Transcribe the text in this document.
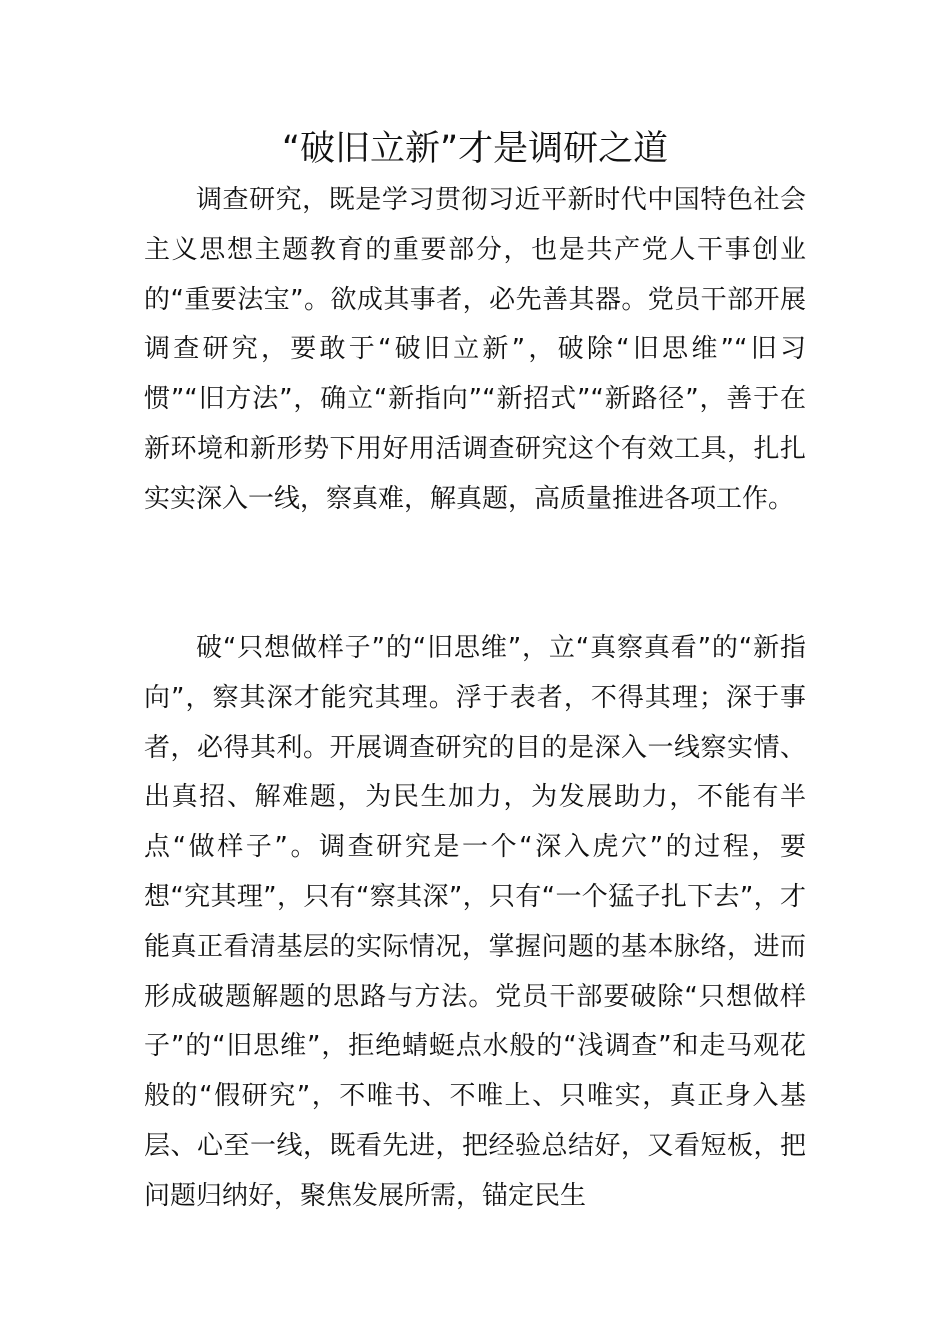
“破旧立新”才是调研之道

调查研究，既是学习贯彻习近平新时代中国特色社会主义思想主题教育的重要部分，也是共产党人干事创业的“重要法宝”。欲成其事者，必先善其器。党员干部开展调查研究，要敢于“破旧立新”，破除“旧思维”“旧习惯”“旧方法”，确立“新指向”“新招式”“新路径”，善于在新环境和新形势下用好用活调查研究这个有效工具，扎扎实实深入一线，察真难，解真题，高质量推进各项工作。

破“只想做样子”的“旧思维”，立“真察真看”的“新指向”，察其深才能究其理。浮于表者，不得其理；深于事者，必得其利。开展调查研究的目的是深入一线察实情、出真招、解难题，为民生加力，为发展助力，不能有半点“做样子”。调查研究是一个“深入虎穴”的过程，要想“究其理”，只有“察其深”，只有“一个猛子扎下去”，才能真正看清基层的实际情况，掌握问题的基本脉络，进而形成破题解题的思路与方法。党员干部要破除“只想做样子”的“旧思维”，拒绝蜻蜓点水般的“浅调查”和走马观花般的“假研究”，不唯书、不唯上、只唯实，真正身入基层、心至一线，既看先进，把经验总结好，又看短板，把问题归纳好，聚焦发展所需，锚定民生
